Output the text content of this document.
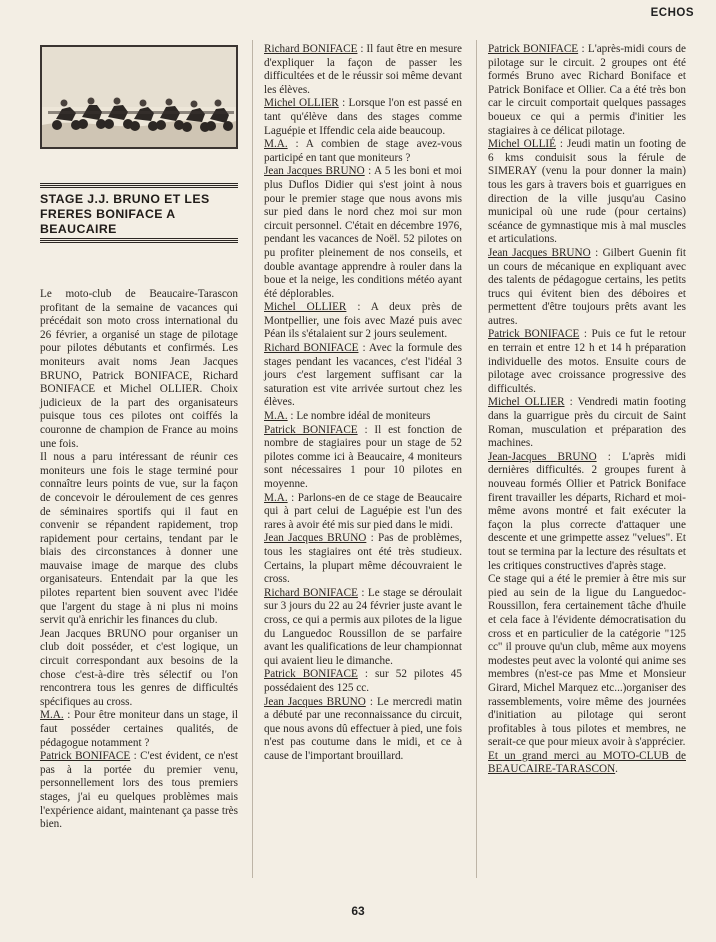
ECHOS
STAGE J.J. BRUNO ET LES FRERES BONIFACE A BEAUCAIRE

Le moto-club de Beaucaire-Tarascon profitant de la semaine de vacances qui précédait son moto cross international du 26 février, a organisé un stage de pilotage pour pilotes débutants et confirmés. Les moniteurs avait noms Jean Jacques BRUNO, Patrick BONIFACE, Richard BONIFACE et Michel OLLIER. Choix judicieux de la part des organisateurs puisque tous ces pilotes ont coiffés la couronne de champion de France au moins une fois.

Il nous a paru intéressant de réunir ces moniteurs une fois le stage terminé pour connaître leurs points de vue, sur la façon de concevoir le déroulement de ces genres de séminaires sportifs qui il faut en convenir se répandent rapidement, trop rapidement pour certains, tendant par le biais des circonstances à donner une mauvaise image de marque des clubs organisateurs. Entendait par la que les pilotes repartent bien souvent avec l'idée que l'argent du stage à ni plus ni moins servit qu'à enrichir les finances du club.

Jean Jacques BRUNO pour organiser un club doit posséder, et c'est logique, un circuit correspondant aux besoins de la chose c'est-à-dire très sélectif ou l'on rencontrera tous les genres de difficultés spécifiques au cross.

M.A. : Pour être moniteur dans un stage, il faut posséder certaines qualités, de pédagogue notamment ?

Patrick BONIFACE : C'est évident, ce n'est pas à la portée du premier venu, personnellement lors des tous premiers stages, j'ai eu quelques problèmes mais l'expérience aidant, maintenant ça passe très bien.

Richard BONIFACE : Il faut être en mesure d'expliquer la façon de passer les difficultées et de le réussir soi même devant les élèves.

Michel OLLIER : Lorsque l'on est passé en tant qu'élève dans des stages comme Laguépie et Iffendic cela aide beaucoup.

M.A. : A combien de stage avez-vous participé en tant que moniteurs ?

Jean Jacques BRUNO : A 5 les boni et moi plus Duflos Didier qui s'est joint à nous pour le premier stage que nous avons mis sur pied dans le nord chez moi sur mon circuit personnel. C'était en décembre 1976, pendant les vacances de Noël. 52 pilotes on pu profiter pleinement de nos conseils, et double avantage apprendre à rouler dans la boue et la neige, les conditions météo ayant été déplorables.

Michel OLLIER : A deux près de Montpellier, une fois avec Mazé puis avec Péan ils s'étalaient sur 2 jours seulement.

Richard BONIFACE : Avec la formule des stages pendant les vacances, c'est l'idéal 3 jours c'est largement suffisant car la saturation est vite arrivée surtout chez les élèves.

M.A. : Le nombre idéal de moniteurs

Patrick BONIFACE : Il est fonction de nombre de stagiaires pour un stage de 52 pilotes comme ici à Beaucaire, 4 moniteurs sont nécessaires 1 pour 10 pilotes en moyenne.

M.A. : Parlons-en de ce stage de Beaucaire qui à part celui de Laguépie est l'un des rares à avoir été mis sur pied dans le midi.

Jean Jacques BRUNO : Pas de problèmes, tous les stagiaires ont été très studieux. Certains, la plupart même découvraient le cross.

Richard BONIFACE : Le stage se déroulait sur 3 jours du 22 au 24 février juste avant le cross, ce qui a permis aux pilotes de la ligue du Languedoc Roussillon de se parfaire avant les qualifications de leur championnat qui avaient lieu le dimanche.

Patrick BONIFACE : sur 52 pilotes 45 possédaient des 125 cc.

Jean Jacques BRUNO : Le mercredi matin a débuté par une reconnaissance du circuit, que nous avons dû effectuer à pied, une fois n'est pas coutume dans le midi, et ce à cause de l'important brouillard.

Patrick BONIFACE : L'après-midi cours de pilotage sur le circuit. 2 groupes ont été formés Bruno avec Richard Boniface et Patrick Boniface et Ollier. Ca a été très bon car le circuit comportait quelques passages boueux ce qui a permis d'initier les stagiaires à ce délicat pilotage.

Michel OLLIÉ : Jeudi matin un footing de 6 kms conduisit sous la férule de SIMERAY (venu la pour donner la main) tous les gars à travers bois et guarrigues en direction de la ville jusqu'au Casino municipal où une rude (pour certains) scéance de gymnastique mis à mal muscles et articulations.

Jean Jacques BRUNO : Gilbert Guenin fit un cours de mécanique en expliquant avec des talents de pédagogue certains, les petits trucs qui évitent bien des déboires et permettent d'être toujours prêts avant les autres.

Patrick BONIFACE : Puis ce fut le retour en terrain et entre 12 h et 14 h préparation individuelle des motos. Ensuite cours de pilotage avec croissance progressive des difficultés.

Michel OLLIER : Vendredi matin footing dans la guarrigue près du circuit de Saint Roman, musculation et préparation des machines.

Jean-Jacques BRUNO : L'après midi dernières difficultés. 2 groupes furent à nouveau formés Ollier et Patrick Boniface firent travailler les départs, Richard et moi-même avons montré et fait exécuter la façon la plus correcte d'attaquer une descente et une grimpette assez "velues". Et tout se termina par la lecture des résultats et les critiques constructives d'après stage.

Ce stage qui a été le premier à être mis sur pied au sein de la ligue du Languedoc-Roussillon, fera certainement tâche d'huile et cela face à l'évidente démocratisation du cross et en particulier de la catégorie "125 cc" il prouve qu'un club, même aux moyens modestes peut avec la volonté qui anime ses membres (n'est-ce pas Mme et Monsieur Girard, Michel Marquez etc...)organiser des rassemblements, voire même des journées d'initiation au pilotage qui seront profitables à tous pilotes et membres, ne serait-ce que pour mieux avoir à s'apprécier.

Et un grand merci au MOTO-CLUB de BEAUCAIRE-TARASCON.

63
